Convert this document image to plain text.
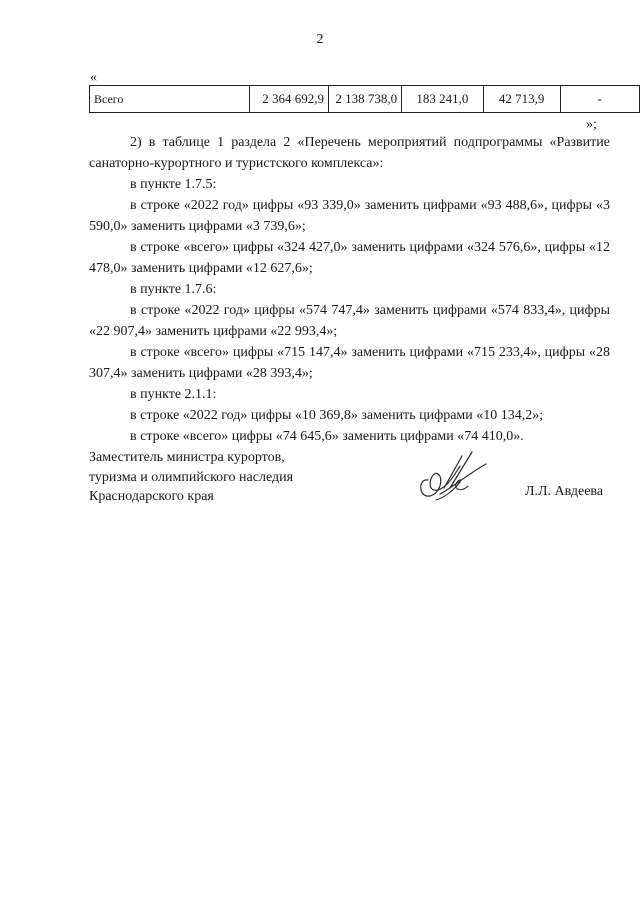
2
«
Всего	2 364 692,9	2 138 738,0	183 241,0	42 713,9	-
»;

2) в таблице 1 раздела 2 «Перечень мероприятий подпрограммы «Развитие санаторно-курортного и туристского комплекса»:

в пункте 1.7.5:

в строке «2022 год» цифры «93 339,0» заменить цифрами «93 488,6», цифры «3 590,0» заменить цифрами «3 739,6»;

в строке «всего» цифры «324 427,0» заменить цифрами «324 576,6», цифры «12 478,0» заменить цифрами «12 627,6»;

в пункте 1.7.6:

в строке «2022 год» цифры «574 747,4» заменить цифрами «574 833,4», цифры «22 907,4» заменить цифрами «22 993,4»;

в строке «всего» цифры «715 147,4» заменить цифрами «715 233,4», цифры «28 307,4» заменить цифрами «28 393,4»;

в пункте 2.1.1:

в строке «2022 год» цифры «10 369,8» заменить цифрами «10 134,2»;

в строке «всего» цифры «74 645,6» заменить цифрами «74 410,0».

Заместитель министра курортов,
туризма и олимпийского наследия
Краснодарского края	Л.Л. Авдеева
